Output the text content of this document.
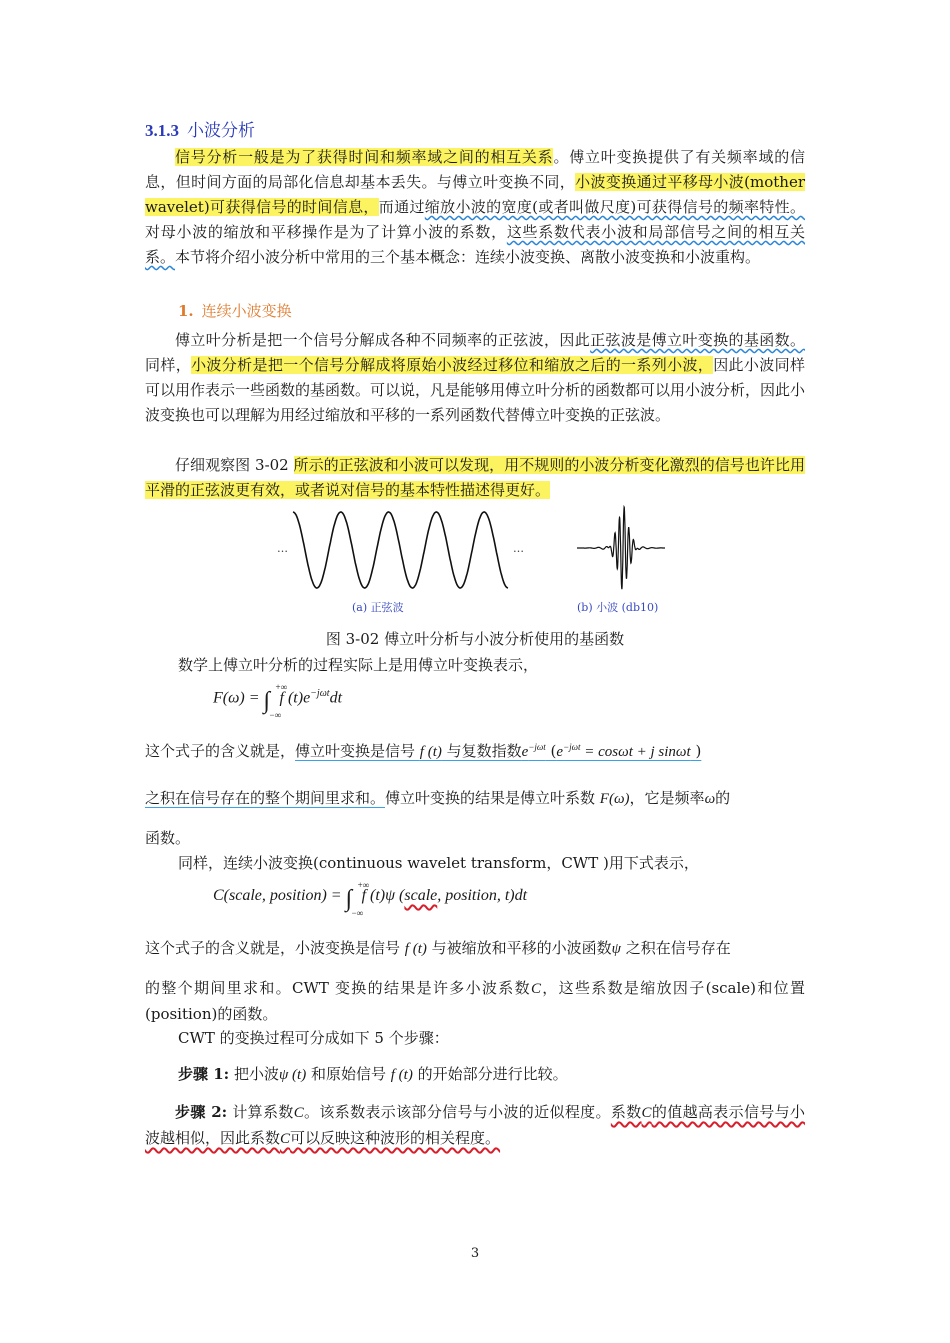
3.1.3 小波分析

信号分析一般是为了获得时间和频率域之间的相互关系。傅立叶变换提供了有关频率域的信息，但时间方面的局部化信息却基本丢失。与傅立叶变换不同，小波变换通过平移母小波(mother wavelet)可获得信号的时间信息，而通过缩放小波的宽度(或者叫做尺度)可获得信号的频率特性。对母小波的缩放和平移操作是为了计算小波的系数，这些系数代表小波和局部信号之间的相互关系。本节将介绍小波分析中常用的三个基本概念：连续小波变换、离散小波变换和小波重构。

1. 连续小波变换

傅立叶分析是把一个信号分解成各种不同频率的正弦波，因此正弦波是傅立叶变换的基函数。同样，小波分析是把一个信号分解成将原始小波经过移位和缩放之后的一系列小波，因此小波同样可以用作表示一些函数的基函数。可以说，凡是能够用傅立叶分析的函数都可以用小波分析，因此小波变换也可以理解为用经过缩放和平移的一系列函数代替傅立叶变换的正弦波。

仔细观察图 3-02 所示的正弦波和小波可以发现，用不规则的小波分析变化激烈的信号也许比用平滑的正弦波更有效，或者说对信号的基本特性描述得更好。

…	…
(a) 正弦波	(b) 小波 (db10)
图 3-02 傅立叶分析与小波分析使用的基函数
数学上傅立叶分析的过程实际上是用傅立叶变换表示，
F(ω) = ∫
+∞
−∞
f $(t)e^{-j\omega t}dt$
这个式子的含义就是，傅立叶变换是信号 f (t) 与复数指数$e^{-j\omega t}$ ($e^{-j\omega t} = \cos\omega t + j$ sinωt )
之积在信号存在的整个期间里求和。傅立叶变换的结果是傅立叶系数 F(ω)，它是频率ω的
函数。
同样，连续小波变换(continuous wavelet transform，CWT )用下式表示，
C(scale, position) = ∫
+∞
−∞
f (t)ψ (scale, position, t)dt
这个式子的含义就是，小波变换是信号 f (t) 与被缩放和平移的小波函数ψ 之积在信号存在

的整个期间里求和。CWT 变换的结果是许多小波系数C，这些系数是缩放因子(scale)和位置(position)的函数。

CWT 的变换过程可分成如下 5 个步骤：
步骤 1: 把小波ψ (t) 和原始信号 f (t) 的开始部分进行比较。

步骤 2: 计算系数C。该系数表示该部分信号与小波的近似程度。系数C的值越高表示信号与小波越相似，因此系数C可以反映这种波形的相关程度。

3
